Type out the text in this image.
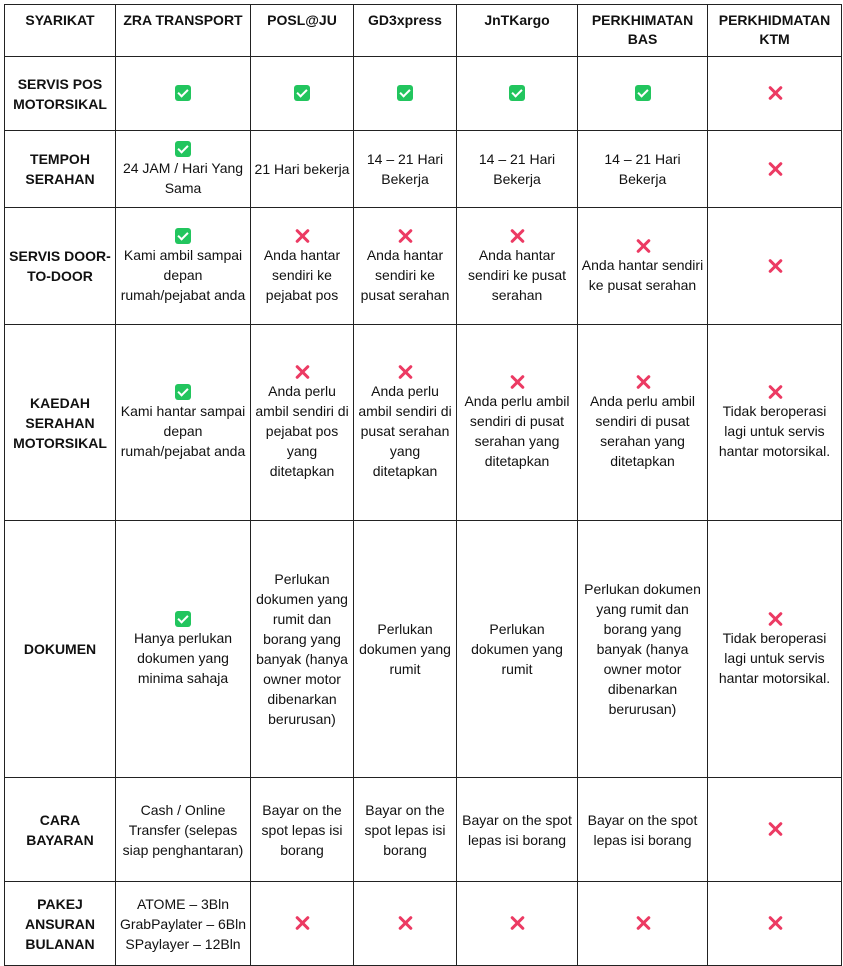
SYARIKAT	ZRA TRANSPORT	POSL@JU	GD3xpress	JnTKargo	PERKHIMATAN BAS	PERKHIDMATAN KTM
SERVIS POS MOTORSIKAL	

TEMPOH SERAHAN	24 JAM / Hari Yang Sama	21 Hari bekerja	14 – 21 Hari Bekerja	14 – 21 Hari Bekerja	14 – 21 Hari Bekerja	

SERVIS DOOR-TO-DOOR	Kami ambil sampai depan rumah/pejabat anda	Anda hantar sendiri ke pejabat pos	Anda hantar sendiri ke pusat serahan	Anda hantar sendiri ke pusat serahan	Anda hantar sendiri ke pusat serahan	

KAEDAH SERAHAN MOTORSIKAL	Kami hantar sampai depan rumah/pejabat anda	Anda perlu ambil sendiri di pejabat pos yang ditetapkan	Anda perlu ambil sendiri di pusat serahan yang ditetapkan	Anda perlu ambil sendiri di pusat serahan yang ditetapkan	Anda perlu ambil sendiri di pusat serahan yang ditetapkan	Tidak beroperasi lagi untuk servis hantar motorsikal.

DOKUMEN	Hanya perlukan dokumen yang minima sahaja	Perlukan dokumen yang rumit dan borang yang banyak (hanya owner motor dibenarkan berurusan)	Perlukan dokumen yang rumit	Perlukan dokumen yang rumit	Perlukan dokumen yang rumit dan borang yang banyak (hanya owner motor dibenarkan berurusan)	Tidak beroperasi lagi untuk servis hantar motorsikal.

CARA BAYARAN	Cash / Online Transfer (selepas siap penghantaran)	Bayar on the spot lepas isi borang	Bayar on the spot lepas isi borang	Bayar on the spot lepas isi borang	Bayar on the spot lepas isi borang	

PAKEJ ANSURAN BULANAN	ATOME – 3Bln GrabPaylater – 6Bln SPaylayer – 12Bln					
